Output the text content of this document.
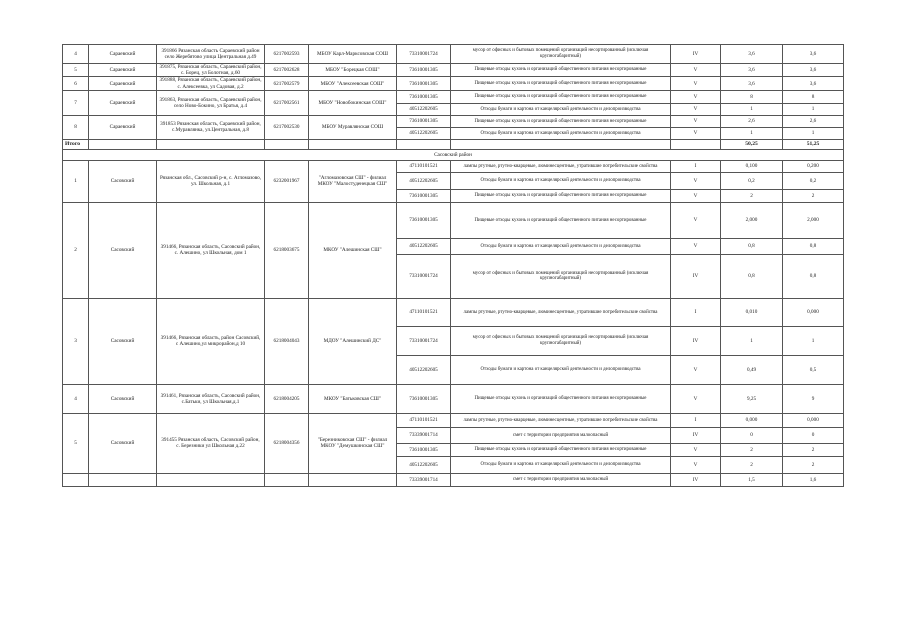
4	Сараевский	391866 Рязанская область Сараевский район село Жеребятово улица Центральная д.49	6217002593	МБОУ Карл-Марксовская СОШ	73310001724	мусор от офисных и бытовых помещений организаций несортированный (исключая крупногабаритный)	IV	3,6	3,6
5	Сараевский	391875, Рязанская область, Сараевский район, с. Борец, ул Болотная, д.60	6217002628	МБОУ "Борецкая СОШ"	73610001305	Пищевые отходы кухонь и организаций общественного питания несортированные	V	3,6	3,6
6	Сараевский	391888, Рязанская область, Сараевский район, с. Алексеевка, ул Садовая, д.2	6217002579	МБОУ "Алексеевская СОШ"	73610001305	Пищевые отходы кухонь и организаций общественного питания несортированные	V	3,6	3,6
7	Сараевский	391863, Рязанская область, Сараевский район, село Ново-Бокино, ул Братья, д.4	6217002561	МБОУ "Новобокинская СОШ"	73610001305	Пищевые отходы кухонь и организаций общественного питания несортированные	V	8	8
					40512202605	Отходы бумаги и картона от канцелярской деятельности и делопроизводства	V	1	1
8	Сараевский	391853 Рязанская область, Сараевский район, с.Муравлянка, ул.Центральная, д.8	6217002530	МБОУ Муравлянская СОШ	73610001305	Пищевые отходы кухонь и организаций общественного питания несортированные	V	2,6	2,6
					40512202605	Отходы бумаги и картона от канцелярской деятельности и делопроизводства	V	1	1
Итого								50,25	51,25
Сасовский район									
1	Сасовский	Рязанская обл., Сасовский р-н, с. Агломазово, ул. Школьная, д.1	6232001967	"Агломазовская СШ" - филиал МКОУ "Малостуденецкая СШ"	47110101521	лампы ртутные, ртутно-кварцевые, люминесцентные, утратившие потребительские свойства	I	0,100	0,200
					40512202605	Отходы бумаги и картона от канцелярской деятельности и делопроизводства	V	0,2	0,2
					73610001305	Пищевые отходы кухонь и организаций общественного питания несортированные	V	2	2
2	Сасовский	391466, Рязанская область, Сасовский район, с. Алешино, ул Школьная, дом 1	6218003675	МКОУ "Алешинская СШ"	73610001305	Пищевые отходы кухонь и организаций общественного питания несортированные	V	2,000	2,000
					40512202605	Отходы бумаги и картона от канцелярской деятельности и делопроизводства	V	0,8	0,8
					73310001724	мусор от офисных и бытовых помещений организаций несортированный (исключая крупногабаритный)	IV	0,8	0,8
3	Сасовский	391466, Рязанская область, район Сасовский, с Алешино,ул микрорайон,д 10	6218004043	МДОУ "Алешинский ДС"	47110101521	лампы ртутные, ртутно-кварцевые, люминесцентные, утратившие потребительские свойства	I	0,010	0,000
					73310001724	мусор от офисных и бытовых помещений организаций несортированный (исключая крупногабаритный)	IV	1	1
					40512202605	Отходы бумаги и картона от канцелярской деятельности и делопроизводства	V	0,49	0,5
4	Сасовский	391461, Рязанская область, Сасовский район, с.Батьки, ул Школьная,д.1	6218004205	МКОУ "Батьковская СШ"	73610001305	Пищевые отходы кухонь и организаций общественного питания несортированные	V	9,25	9
5	Сасовский	391455 Рязанская область, Сасовский район, с. Березники ул Школьная д.22	6218004356	"Березниковская СШ" - филиал МКОУ "Демушкинская СШ"	47110101521	лампы ртутные, ртутно-кварцевые, люминесцентные, утратившие потребительские свойства	I	0,000	0,000
					73339001714	смет с территории предприятия малоопасный	IV	0	0
					73610001305	Пищевые отходы кухонь и организаций общественного питания несортированные	V	2	2
					40512202605	Отходы бумаги и картона от канцелярской деятельности и делопроизводства	V	2	2
					73339001714	смет с территории предприятия малоопасный	IV	1,5	1,6
